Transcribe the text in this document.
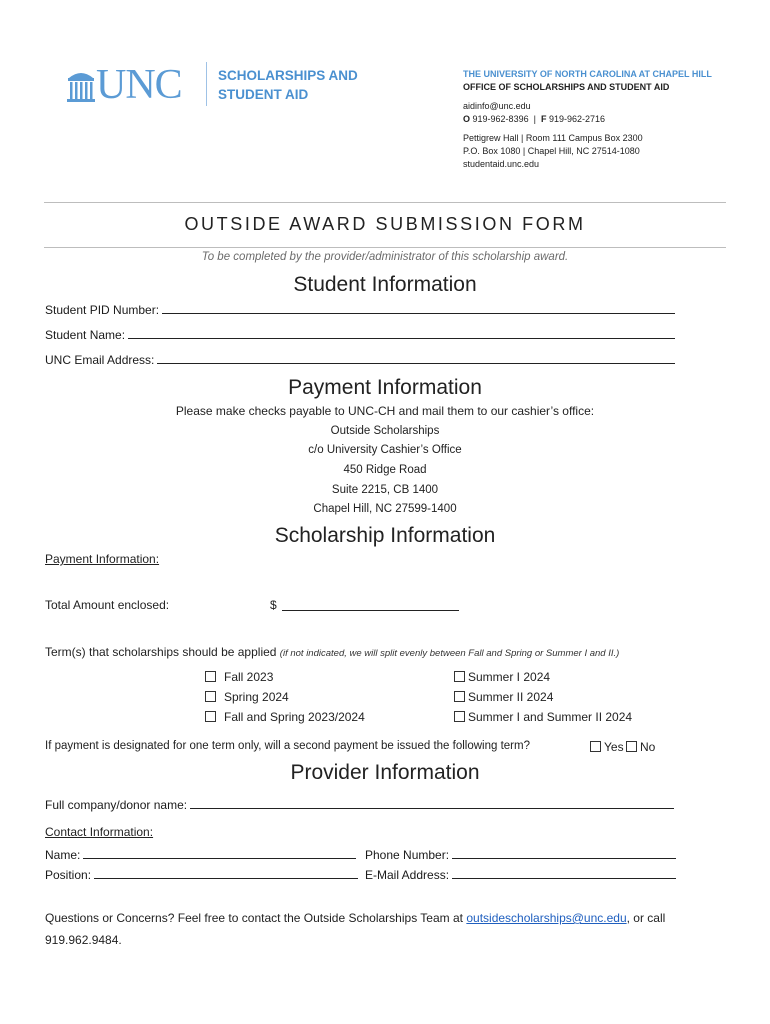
UNC	SCHOLARSHIPS AND
STUDENT AID
THE UNIVERSITY OF NORTH CAROLINA AT CHAPEL HILL
OFFICE OF SCHOLARSHIPS AND STUDENT AID
aidinfo@unc.edu
O 919-962-8396  |  F 919-962-2716
Pettigrew Hall | Room 111 Campus Box 2300
P.O. Box 1080 | Chapel Hill, NC 27514-1080
studentaid.unc.edu
OUTSIDE AWARD SUBMISSION FORM
To be completed by the provider/administrator of this scholarship award.
Student Information
Student PID Number:
Student Name:
UNC Email Address:
Payment Information
Please make checks payable to UNC-CH and mail them to our cashier’s office:
Outside Scholarships
c/o University Cashier’s Office
450 Ridge Road
Suite 2215, CB 1400
Chapel Hill, NC 27599-1400
Scholarship Information
Payment Information:
Total Amount enclosed:	$
Term(s) that scholarships should be applied (if not indicated, we will split evenly between Fall and Spring or Summer I and II.)
Fall 2023
Spring 2024
Fall and Spring 2023/2024
Summer I 2024
Summer II 2024
Summer I and Summer II 2024
If payment is designated for one term only, will a second payment be issued the following term?	Yes	No
Provider Information
Full company/donor name:
Contact Information:
Name:	Phone Number:
Position:	E-Mail Address:
Questions or Concerns? Feel free to contact the Outside Scholarships Team at outsidescholarships@unc.edu, or call
919.962.9484.
